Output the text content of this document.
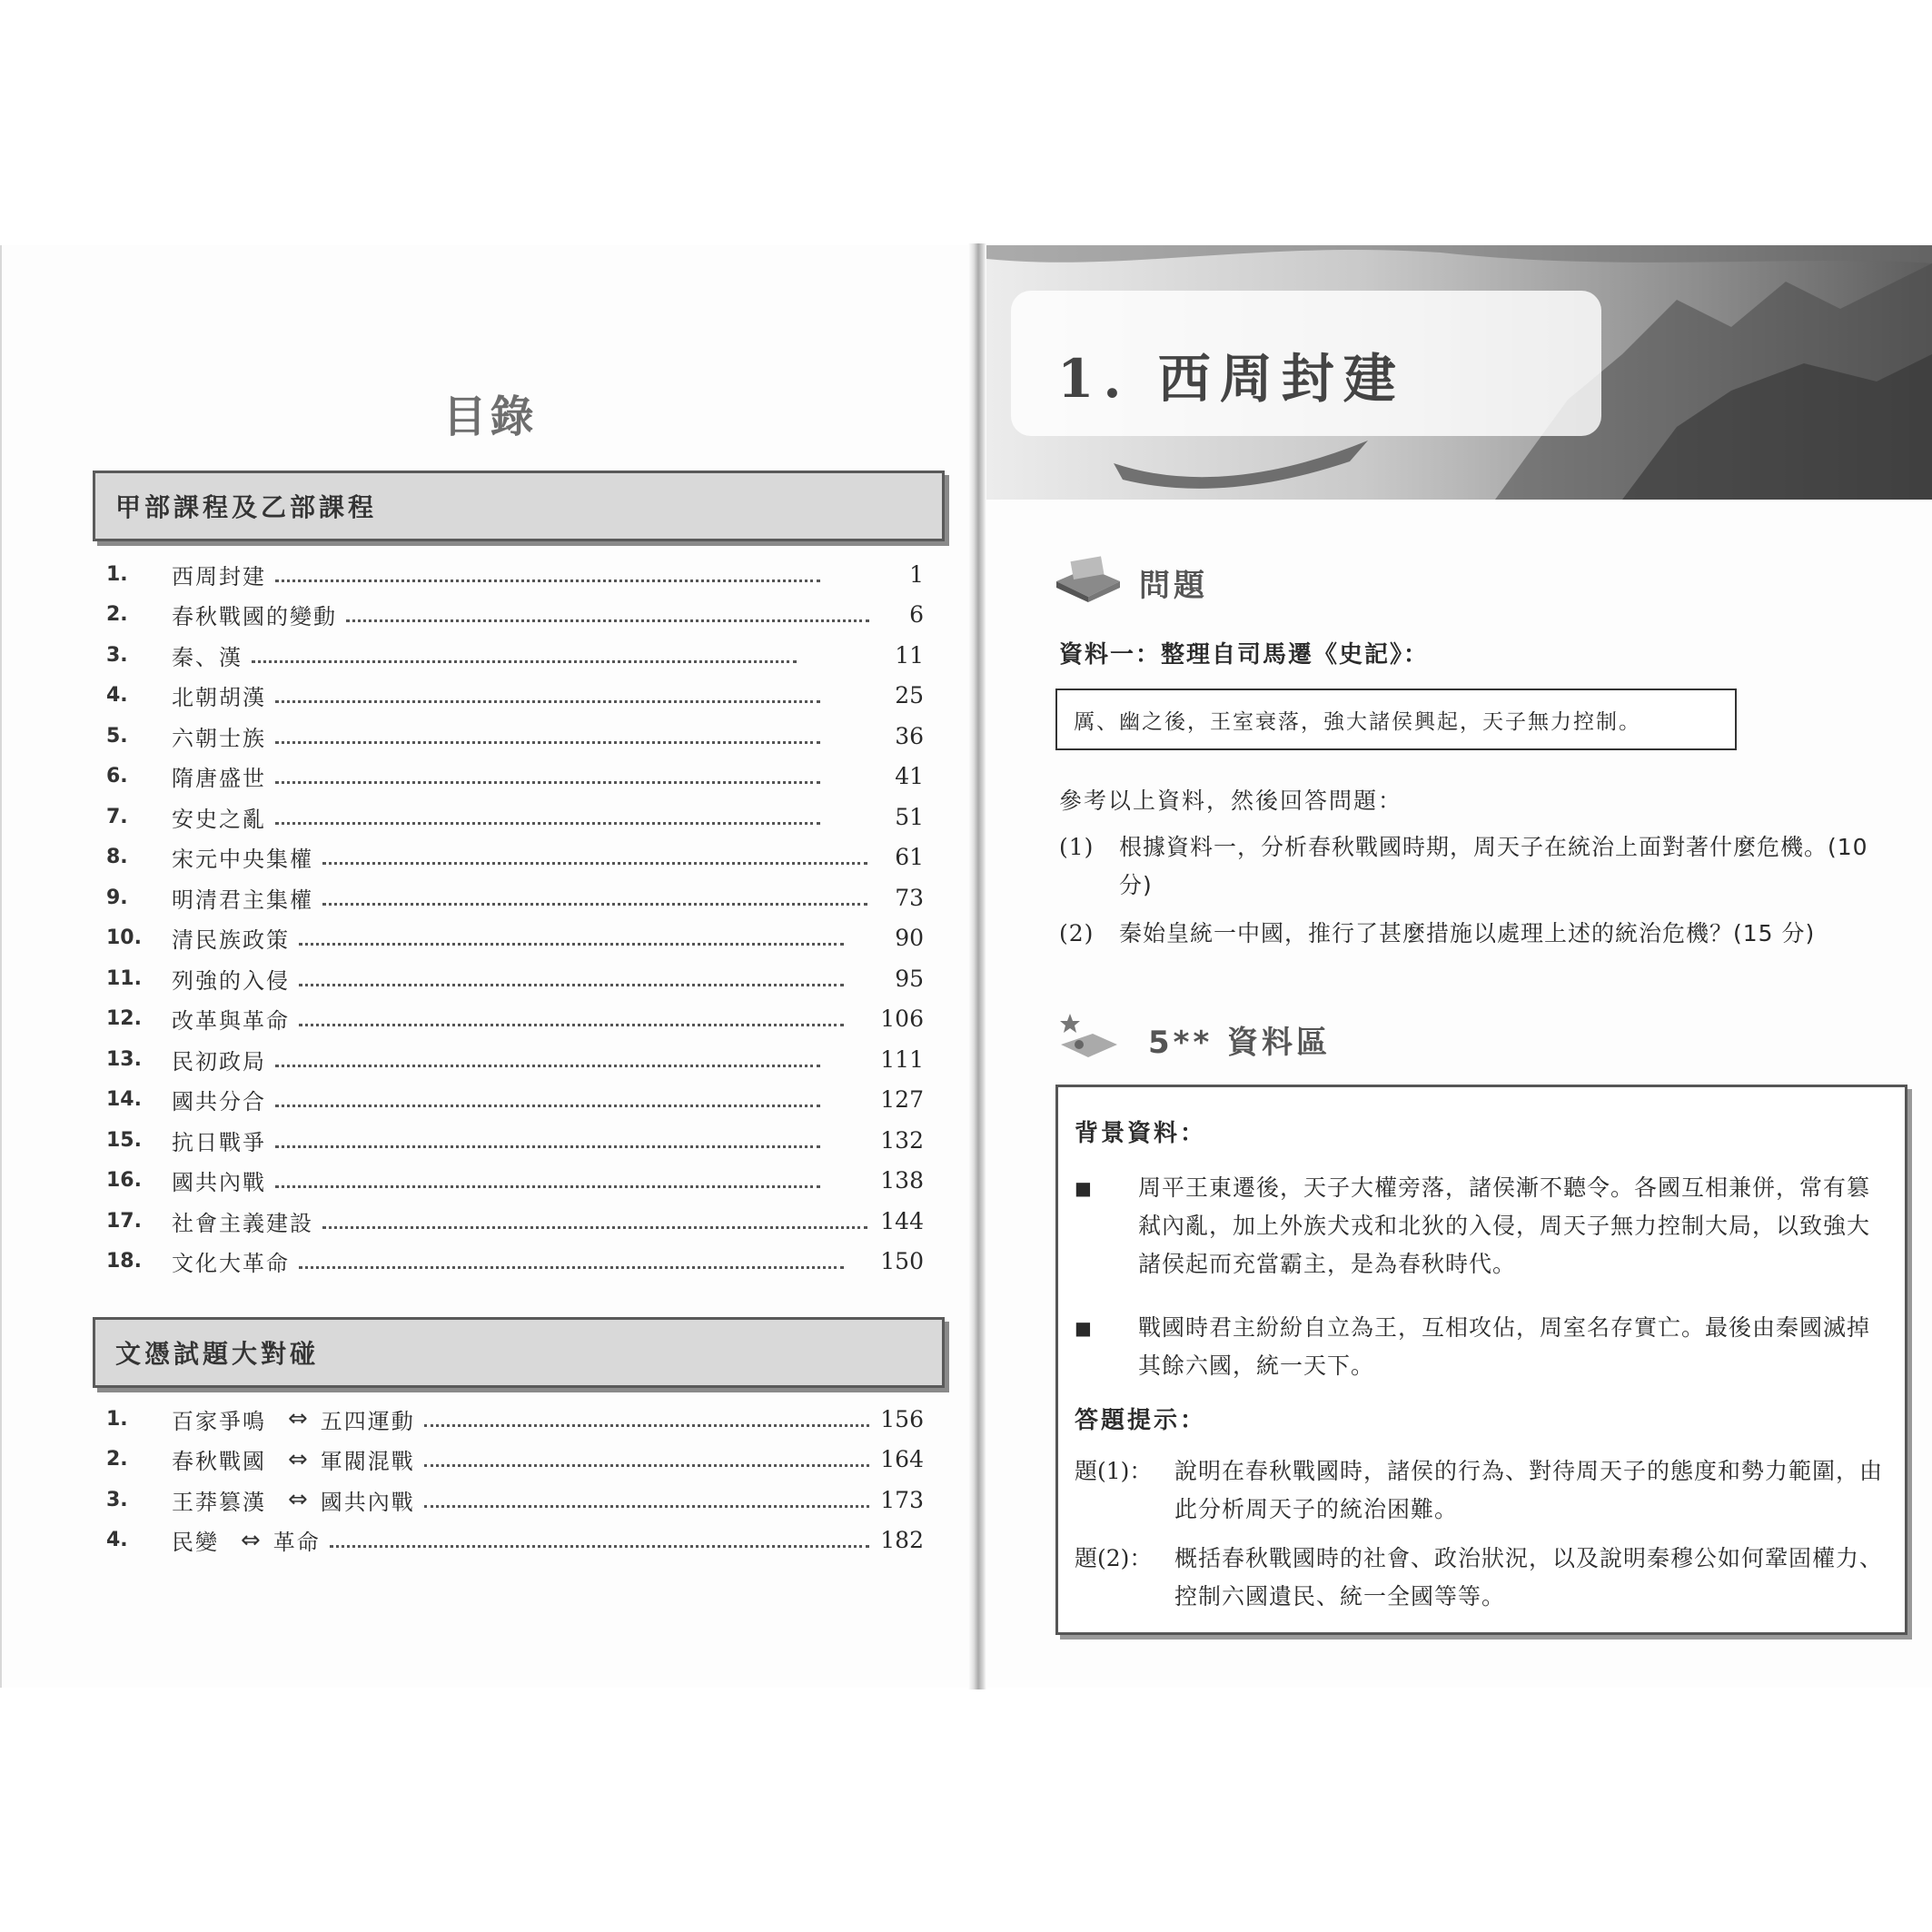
目錄
甲部課程及乙部課程
1.	西周封建	1
2.	春秋戰國的變動	6
3.	秦、漢	11
4.	北朝胡漢	25
5.	六朝士族	36
6.	隋唐盛世	41
7.	安史之亂	51
8.	宋元中央集權	61
9.	明清君主集權	73
10.	清民族政策	90
11.	列強的入侵	95
12.	改革與革命	106
13.	民初政局	111
14.	國共分合	127
15.	抗日戰爭	132
16.	國共內戰	138
17.	社會主義建設	144
18.	文化大革命	150
文憑試題大對碰
1.	百家爭鳴 ⇔ 五四運動	156
2.	春秋戰國 ⇔ 軍閥混戰	164
3.	王莽篡漢 ⇔ 國共內戰	173
4.	民變 ⇔ 革命	182
1. 西周封建
問題
資料一：整理自司馬遷《史記》：
厲、幽之後，王室衰落，強大諸侯興起，天子無力控制。
參考以上資料，然後回答問題：
(1) 根據資料一，分析春秋戰國時期，周天子在統治上面對著什麼危機。(10 分)
(2) 秦始皇統一中國，推行了甚麼措施以處理上述的統治危機？(15 分)
5** 資料區
背景資料：
■ 周平王東遷後，天子大權旁落，諸侯漸不聽令。各國互相兼併，常有篡弒內亂，加上外族犬戎和北狄的入侵，周天子無力控制大局，以致強大諸侯起而充當霸主，是為春秋時代。
■ 戰國時君主紛紛自立為王，互相攻佔，周室名存實亡。最後由秦國滅掉其餘六國，統一天下。
答題提示：
題(1)： 說明在春秋戰國時，諸侯的行為、對待周天子的態度和勢力範圍，由此分析周天子的統治困難。
題(2)： 概括春秋戰國時的社會、政治狀況，以及說明秦穆公如何鞏固權力、控制六國遺民、統一全國等等。
